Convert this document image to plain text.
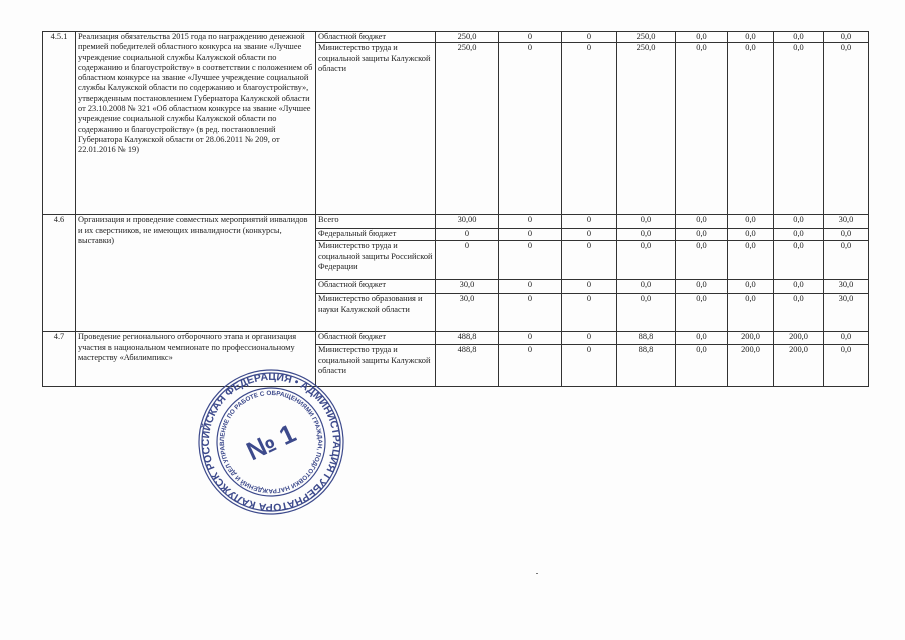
4.5.1	Реализация обязательства 2015 года по награждению денежной премией победителей областного конкурса на звание «Лучшее учреждение социальной службы Калужской области по содержанию и благоустройству» в соответствии с положением об областном конкурсе на звание «Лучшее учреждение социальной службы Калужской области по содержанию и благоустройству», утвержденным постановлением Губернатора Калужской области от 23.10.2008 № 321 «Об областном конкурсе на звание «Лучшее учреждение социальной службы Калужской области по содержанию и благоустройству» (в ред. постановлений Губернатора Калужской области от 28.06.2011 № 209, от 22.01.2016 № 19)	Областной бюджет	250,0	0	0	250,0	0,0	0,0	0,0	0,0
		Министерство труда и социальной защиты Калужской области	250,0	0	0	250,0	0,0	0,0	0,0	0,0
4.6	Организация и проведение совместных мероприятий инвалидов и их сверстников, не имеющих инвалидности (конкурсы, выставки)	Всего	30,00	0	0	0,0	0,0	0,0	0,0	30,0
		Федеральный бюджет	0	0	0	0,0	0,0	0,0	0,0	0,0
		Министерство труда и социальной защиты Российской Федерации	0	0	0	0,0	0,0	0,0	0,0	0,0
		Областной бюджет	30,0	0	0	0,0	0,0	0,0	0,0	30,0
		Министерство образования и науки Калужской области	30,0	0	0	0,0	0,0	0,0	0,0	30,0
4.7	Проведение регионального отборочного этапа и организация участия в национальном чемпионате по профессиональному мастерству «Абилимпикс»	Областной бюджет	488,8	0	0	88,8	0,0	200,0	200,0	0,0
		Министерство труда и социальной защиты Калужской области	488,8	0	0	88,8	0,0	200,0	200,0	0,0
РОССИЙСКАЯ ФЕДЕРАЦИЯ • АДМИНИСТРАЦИЯ ГУБЕРНАТОРА КАЛУЖСКОЙ
УПРАВЛЕНИЕ ПО РАБОТЕ С ОБРАЩЕНИЯМИ ГРАЖДАН, ПОДГОТОВКИ НАГРАЖДЕНИЙ И ДЕЛОПРОИЗВОДСТВА
№ 1
